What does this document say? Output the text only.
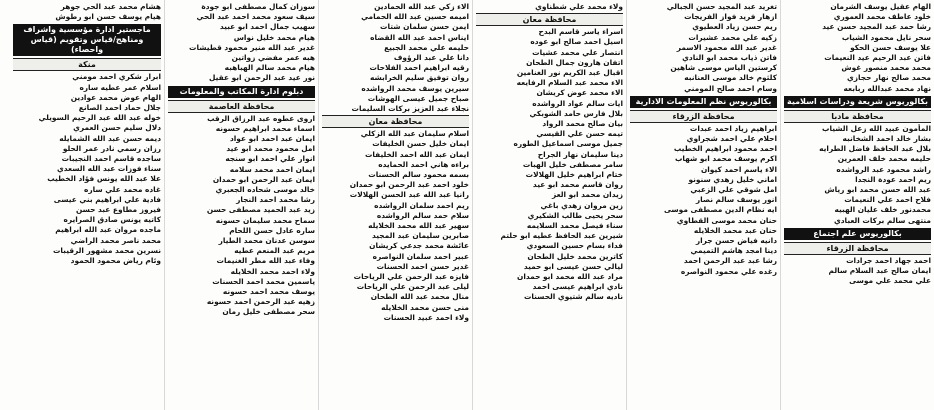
الهام عقيل يوسف الشرمان
خلود عاطف محمد العموري
رشا حمد عبد المجيد حسن عيد
سحر نايل محمود الشياب
علا يوسف حسن الحكو
فاتن عبد الرحيم عيد النعيمات
محمد محمد منصور غوش
محمد صالح نهار حجازي
نهاد محمد عبدالله ربابعه
بكالوريوس شريعة ودراسات اسلامية
محافظة مادبا
المأمون عبيد الله زعل الشياب
بشار خالد احمد الشخانبه
بلال عبد الحافظ فاضل الطرايه
حليمه محمد خلف العمرين
راشد محمود عبد الرواشده
ريم احمد عودة النجدا
عبد الله حسن محمد ابو رياش
فلاح احمد علي النعيمات
محمدنور خلف عليان الهبيه
منتهى سالم بركات العبادي
بكالوريوس علم اجتماع
محافظة الزرقاء
احمد جهاد احمد جرادات
ايمان صالح عبد السلام سالم
علي محمد علي موسى
تغريد عبد المجيد حسن الجبالي
ازهار فريد فواز الفريجات
ريم حسن زياد العطيوي
زكيه علي محمد عشيرات
غدير عبد الله محمود الاسمر
فاتن ذياب محمد ابو النادي
كرستين الياس موسى شاهين
كلثوم خالد موسى العنانبه
وسام احمد صالح المومني
بكالوريوس نظم المعلومات الادارية
محافظة الزرقاء
ابراهيم زياد احمد عبدات
احلام علي احمد شجراوي
احمد محمود ابراهيم الخطيب
اكرم يوسف محمد ابو شهاب
الاء ياسم احمد كيوان
اماني خليل زهدي سنونو
امل شوقي علي الزعبي
انور يوسف سالم نصار
ايه نظام الدين مصطفى موسى
حنان محمد موسى القطاوي
حنان عبد محمد الخلايله
دانيه فياض حسن جرار
دينا امجد هاشم التميمي
رشا عبد عبد الرحمن احمد
رغده علي محمود النواصره
ولاء محمد علي شطناوي
محافظة معان
اسراء ياسر قاسم البدح
اسيل احمد صالح ابو عوده
انتصار علي محمد عشيات
اتفان هارون جمال الطحان
اقبال عبد الكريم نور الغنامين
الاء محمد عبد السلام الرفايعه
الاء محمد عوض كريشان
ايات سالم عواد الرواشده
بلال فارس حامد الشوبكي
بيان صالح محمد الرواد
تيمه حسن علي القيسي
جميل موسى اسماعيل الطوره
دينا سليمان نهار الجراح
سامر مصطفى خليل الهبات
ختام ابراهيم خليل الهلالات
روان قاسم محمد ابو عيد
زيدان محمد ابو العز
زين مروان زهدي باغي
سحر يحيى طالب الشكيري
سناء فيصل محمد السلايمه
شيرين عبد الحافظ عطيه ابو حلتم
فداء بسام حسين السعودي
كاترين محمد خليل الطحان
ليالي حسن عيسى ابو حميد
مراد عبد الله محمد ابو حمدان
نادي ابراهيم عيسى احمد
ناديه سالم شتيوي الحسنات
الاء زكي عبد الله الحمادين
اميمه حسين عبد الله الحمامي
ايمن حسن سلمان شتات
ايناس احمد عبد الله القضاه
حليمه علي محمد الجبيع
دانا علي عبد الرؤوف
رقيه ابراهيم احمد الفلاحات
روان توفيق سليم الخرابشه
سيرين يوسف محمد الرواشده
صباح جميل عيسى الهوشات
نجلاء عبد العزيز بركات السليمات
محافظة معان
اسلام سليمان عبد الله الزكلي
ايمان خليل حسن الخليفات
ايمان عبد الله احمد الخليفات
براءه هاني احمد الحمايده
بسمه محمود سالم الحسنات
خلود احمد عبد الرحمن ابو حمدان
رانيا عبد الله عبد الحسن الهلالات
ريم احمد سلمان الرواشده
سلام حمد سالم الرواشده
سهير عبد الله محمد الخلايله
صابرين سليمان عبد المجيد
عائشة محمد جدعي كريشان
عبير احمد سلمان النواصره
غدير حسن احمد الحسنات
فايزه عبد الرحمن علي الرياحات
ليلى عبد الرحمن علي الرياحات
منال محمد عبد الله الطحان
منى حسن محمد الخلايله
ولاء احمد عبيد الحسنات
سوزان كمال مصطفى ابو جودة
سيف سعود محمد احمد عبد الحي
سهيب جمال احمد ابو عبيد
هيام محمد خليل نواس
غدير عبد الله منير محمود قطيشات
هبه عمر مفضي زواتين
هيام محمد سالم الهباهبه
نور عيد عبد الرحمن ابو عقيل
دبلوم ادارة المكاتب والمعلومات
محافظة العاصمة
اروى عطوه عبد الرزاق الرقب
اسماء محمد ابراهيم حسونه
ايمان عبد احمد ابو عواد
امل محمود محمد ابو عيد
انوار علي احمد ابو سنجه
ايمان احمد محمد سلامه
ايمان عبد الرحمن ابو حمدان
خالد موسى شحاده الجعبري
رشا محمد احمد النجار
زيد عبد الحميد مصطفى حسن
سماح محمد سليمان حسونه
ساره عادل حسن اللحام
سوسن عدنان محمد الطيار
مريم عبد المنعم عطيه
وفاء عبد الله مطر الغنيمات
ولاء احمد محمد الخلايله
ياسمين محمد احمد الحسنات
يوسف محمد احمد حسونه
زهيه عبد الرحمن احمد حسونه
سحر مصطفى خليل رمان
هشام محمد عبد الحي جوهر
هيام يوسف حسن ابو رطوش
ماجستير ادارة مؤسسية واشراف ومناهج/قياس وتقويم (قياس واحصاء)
منكة
ابرار شكري احمد مومني
اسلام عمر عطيه ساره
الهام عوض محمد عوادين
جلال حماد احمد الصانع
خوله عبد الله عبد الرحيم السويلي
دلال سليم حسن العمري
ديمه حسن عبد الله الشمايله
رزان رسمي نادر عمر الحلو
ساجده قاسم احمد النجيبات
سناء فوزات عبد الله السعدي
علا عبد الله يونس فؤاد الخطيب
غاده محمد علي ساره
فادية علي ابراهيم بني عيسى
فيروز مطاوع عبد حسن
كاتيه يونس صادق الصرايره
ماجده مروان عبد الله ابراهيم
محمد ناصر محمد الراضي
نسرين محمد مشهور الرقيبات
وئام رياض محمود الحمود
